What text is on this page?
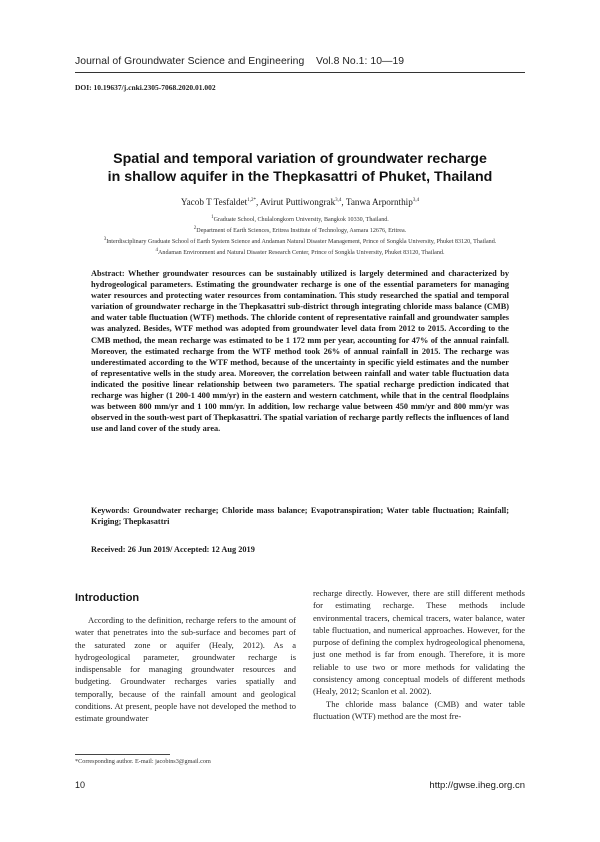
Journal of Groundwater Science and Engineering    Vol.8 No.1: 10—19
DOI: 10.19637/j.cnki.2305-7068.2020.01.002
Spatial and temporal variation of groundwater recharge
in shallow aquifer in the Thepkasattri of Phuket, Thailand
Yacob T Tesfaldet$^{1,2*}$, Avirut Puttiwongrak$^{3,4}$, Tanwa Arpornthip$^{3,4}$
$^1$Graduate School, Chulalongkorn University, Bangkok 10330, Thailand.
$^2$Department of Earth Sciences, Eritrea Institute of Technology, Asmara 12676, Eritrea.
$^3$Interdisciplinary Graduate School of Earth System Science and Andaman Natural Disaster Management, Prince of Songkla University, Phuket 83120, Thailand.
$^4$Andaman Environment and Natural Disaster Research Center, Prince of Songkla University, Phuket 83120, Thailand.
Abstract: Whether groundwater resources can be sustainably utilized is largely determined and characterized by hydrogeological parameters. Estimating the groundwater recharge is one of the essential parameters for managing water resources and protecting water resources from contamination. This study researched the spatial and temporal variation of groundwater recharge in the Thepkasattri sub-district through integrating chloride mass balance (CMB) and water table fluctuation (WTF) methods. The chloride content of representative rainfall and groundwater samples was analyzed. Besides, WTF method was adopted from groundwater level data from 2012 to 2015. According to the CMB method, the mean recharge was estimated to be 1 172 mm per year, accounting for 47% of the annual rainfall. Moreover, the estimated recharge from the WTF method took 26% of annual rainfall in 2015. The recharge was underestimated according to the WTF method, because of the uncertainty in specific yield estimates and the number of representative wells in the study area. Moreover, the correlation between rainfall and water table fluctuation data indicated the positive linear relationship between two parameters. The spatial recharge prediction indicated that recharge was higher (1 200-1 400 mm/yr) in the eastern and western catchment, while that in the central floodplains was between 800 mm/yr and 1 100 mm/yr. In addition, low recharge value between 450 mm/yr and 800 mm/yr was observed in the south-west part of Thepkasattri. The spatial variation of recharge partly reflects the influences of land use and land cover of the study area.
Keywords: Groundwater recharge; Chloride mass balance; Evapotranspiration; Water table fluctuation; Rainfall; Kriging; Thepkasattri
Received: 26 Jun 2019/ Accepted: 12 Aug 2019
Introduction

According to the definition, recharge refers to the amount of water that penetrates into the sub-surface and becomes part of the saturated zone or aquifer (Healy, 2012). As a hydrogeological parameter, groundwater recharge is indispensable for managing groundwater resources and budgeting. Groundwater recharges varies spatially and temporally, because of the rainfall amount and geological conditions. At present, people have not developed the method to estimate groundwater

recharge directly. However, there are still different methods for estimating recharge. These methods include environmental tracers, chemical tracers, water balance, water table fluctuation, and numerical approaches. However, for the purpose of defining the complex hydrogeological phenomena, just one method is far from enough. Therefore, it is more reliable to use two or more methods for validating the consistency among conceptual models of different methods (Healy, 2012; Scanlon et al. 2002).

The chloride mass balance (CMB) and water table fluctuation (WTF) method are the most fre-

*Corresponding author. E-mail: jacobins3@gmail.com
10	http://gwse.iheg.org.cn
